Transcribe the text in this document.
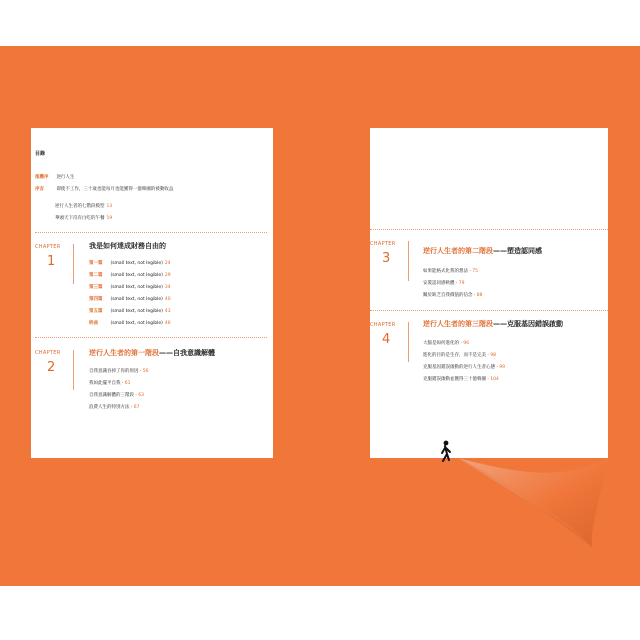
目錄
推薦序 逆行人生
序言	即使不工作，三十歲也能每月也能獲得一億韓圜的被動收益
逆行人生者的七階段模型 13
華頭天下沒有白吃的午餐 19
CHAPTER
1
我是如何達成財務自由的
第一篇 (small text, not legible) 24
第二篇 (small text, not legible) 29
第三篇 (small text, not legible) 34
第四篇 (small text, not legible) 40
第五篇 (small text, not legible) 43
終曲	(small text, not legible) 46
CHAPTER
2
逆行人生者的第一階段——自我意識解體
自我意識吞掉了你的原因 · 56
我如此擺平自我 · 61
自我意識解體的三階段 · 63
浪費人生的特別方法 · 67
CHAPTER
3	逆行人生者的第二階段——塑造認同感
如果能格式化我的想法 · 75
安裝認同感軟體 · 79
關於缺乏自我價值的信念 · 88
CHAPTER
4
逆行人生者的第三階段——克服基因錯誤啟動
大腦是如何進化的 · 96
進化的目的是生存，而不是完美 · 98
克服基因錯誤啟動的逆行人生者心態 · 99
克服錯誤啟動並獲得三十億韓圜 · 104
